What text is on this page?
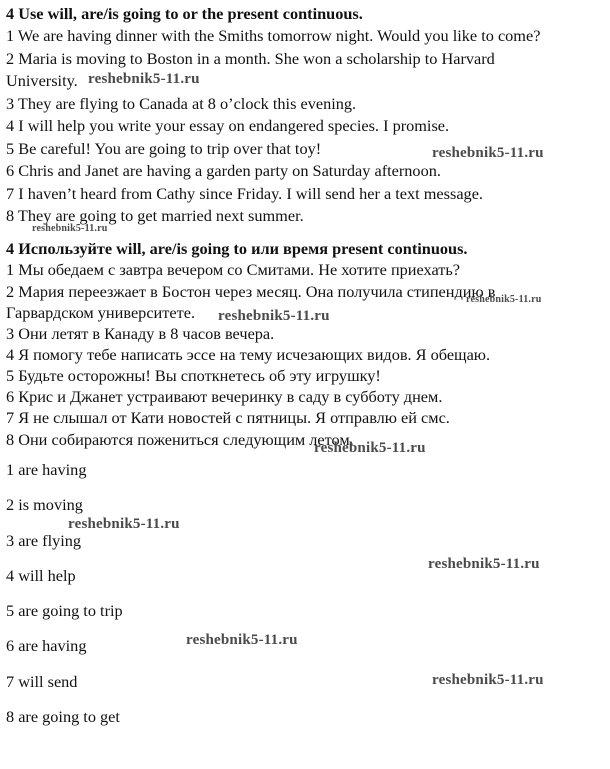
4 Use will, are/is going to or the present continuous.
1 We are having dinner with the Smiths tomorrow night. Would you like to come?
2 Maria is moving to Boston in a month. She won a scholarship to Harvard
University.
3 They are flying to Canada at 8 o’clock this evening.
4 I will help you write your essay on endangered species. I promise.
5 Be careful! You are going to trip over that toy!
6 Chris and Janet are having a garden party on Saturday afternoon.
7 I haven’t heard from Cathy since Friday. I will send her a text message.
8 They are going to get married next summer.
4 Используйте will, are/is going to или время present continuous.
1 Мы обедаем с завтра вечером со Смитами. Не хотите приехать?
2 Мария переезжает в Бостон через месяц. Она получила стипендию в
Гарвардском университете.
3 Они летят в Канаду в 8 часов вечера.
4 Я помогу тебе написать эссе на тему исчезающих видов. Я обещаю.
5 Будьте осторожны! Вы споткнетесь об эту игрушку!
6 Крис и Джанет устраивают вечеринку в саду в субботу днем.
7 Я не слышал от Кати новостей с пятницы. Я отправлю ей смс.
8 Они собираются пожениться следующим летом.
1 are having
2 is moving
3 are flying
4 will help
5 are going to trip
6 are having
7 will send
8 are going to get
reshebnik5-11.ru
reshebnik5-11.ru
reshebnik5-11.ru
reshebnik5-11.ru
reshebnik5-11.ru
reshebnik5-11.ru
reshebnik5-11.ru
reshebnik5-11.ru
reshebnik5-11.ru
reshebnik5-11.ru
